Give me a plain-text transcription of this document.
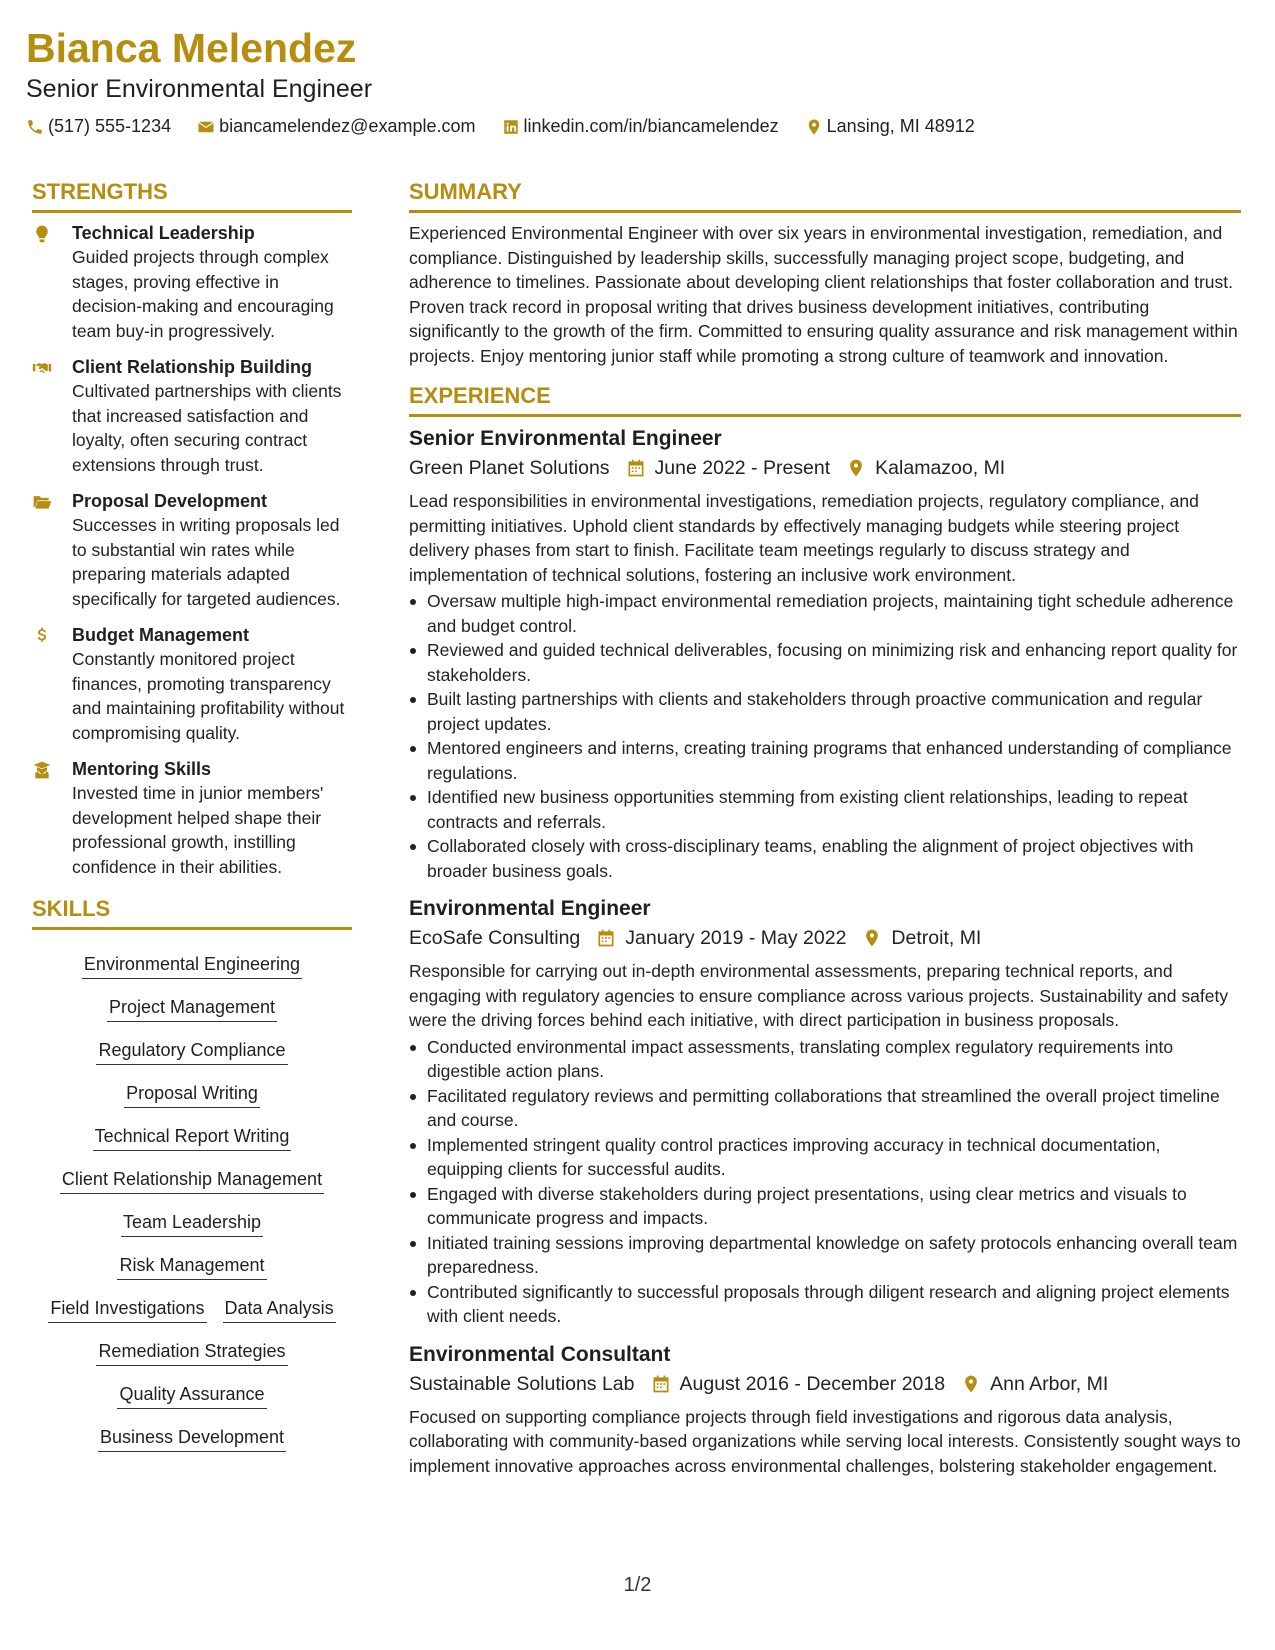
Bianca Melendez
Senior Environmental Engineer
(517) 555-1234	biancamelendez@example.com	linkedin.com/in/biancamelendez	Lansing, MI 48912
STRENGTHS
Technical Leadership
Guided projects through complex stages, proving effective in decision-making and encouraging team buy-in progressively.
Client Relationship Building
Cultivated partnerships with clients that increased satisfaction and loyalty, often securing contract extensions through trust.
Proposal Development
Successes in writing proposals led to substantial win rates while preparing materials adapted specifically for targeted audiences.
Budget Management
Constantly monitored project finances, promoting transparency and maintaining profitability without compromising quality.
Mentoring Skills
Invested time in junior members' development helped shape their professional growth, instilling confidence in their abilities.
SKILLS
Environmental Engineering
Project Management
Regulatory Compliance
Proposal Writing
Technical Report Writing
Client Relationship Management
Team Leadership
Risk Management
Field Investigations Data Analysis
Remediation Strategies
Quality Assurance
Business Development
SUMMARY

Experienced Environmental Engineer with over six years in environmental investigation, remediation, and compliance. Distinguished by leadership skills, successfully managing project scope, budgeting, and adherence to timelines. Passionate about developing client relationships that foster collaboration and trust. Proven track record in proposal writing that drives business development initiatives, contributing significantly to the growth of the firm. Committed to ensuring quality assurance and risk management within projects. Enjoy mentoring junior staff while promoting a strong culture of teamwork and innovation.

EXPERIENCE
Senior Environmental Engineer
Green Planet Solutions June 2022 - Present Kalamazoo, MI
Lead responsibilities in environmental investigations, remediation projects, regulatory compliance, and permitting initiatives. Uphold client standards by effectively managing budgets while steering project delivery phases from start to finish. Facilitate team meetings regularly to discuss strategy and implementation of technical solutions, fostering an inclusive work environment.
Oversaw multiple high-impact environmental remediation projects, maintaining tight schedule adherence and budget control.
Reviewed and guided technical deliverables, focusing on minimizing risk and enhancing report quality for stakeholders.
Built lasting partnerships with clients and stakeholders through proactive communication and regular project updates.
Mentored engineers and interns, creating training programs that enhanced understanding of compliance regulations.
Identified new business opportunities stemming from existing client relationships, leading to repeat contracts and referrals.
Collaborated closely with cross-disciplinary teams, enabling the alignment of project objectives with broader business goals.
Environmental Engineer
EcoSafe Consulting January 2019 - May 2022 Detroit, MI
Responsible for carrying out in-depth environmental assessments, preparing technical reports, and engaging with regulatory agencies to ensure compliance across various projects. Sustainability and safety were the driving forces behind each initiative, with direct participation in business proposals.
Conducted environmental impact assessments, translating complex regulatory requirements into digestible action plans.
Facilitated regulatory reviews and permitting collaborations that streamlined the overall project timeline and course.
Implemented stringent quality control practices improving accuracy in technical documentation, equipping clients for successful audits.
Engaged with diverse stakeholders during project presentations, using clear metrics and visuals to communicate progress and impacts.
Initiated training sessions improving departmental knowledge on safety protocols enhancing overall team preparedness.
Contributed significantly to successful proposals through diligent research and aligning project elements with client needs.
Environmental Consultant
Sustainable Solutions Lab August 2016 - December 2018 Ann Arbor, MI
Focused on supporting compliance projects through field investigations and rigorous data analysis, collaborating with community-based organizations while serving local interests. Consistently sought ways to implement innovative approaches across environmental challenges, bolstering stakeholder engagement.
1/2
